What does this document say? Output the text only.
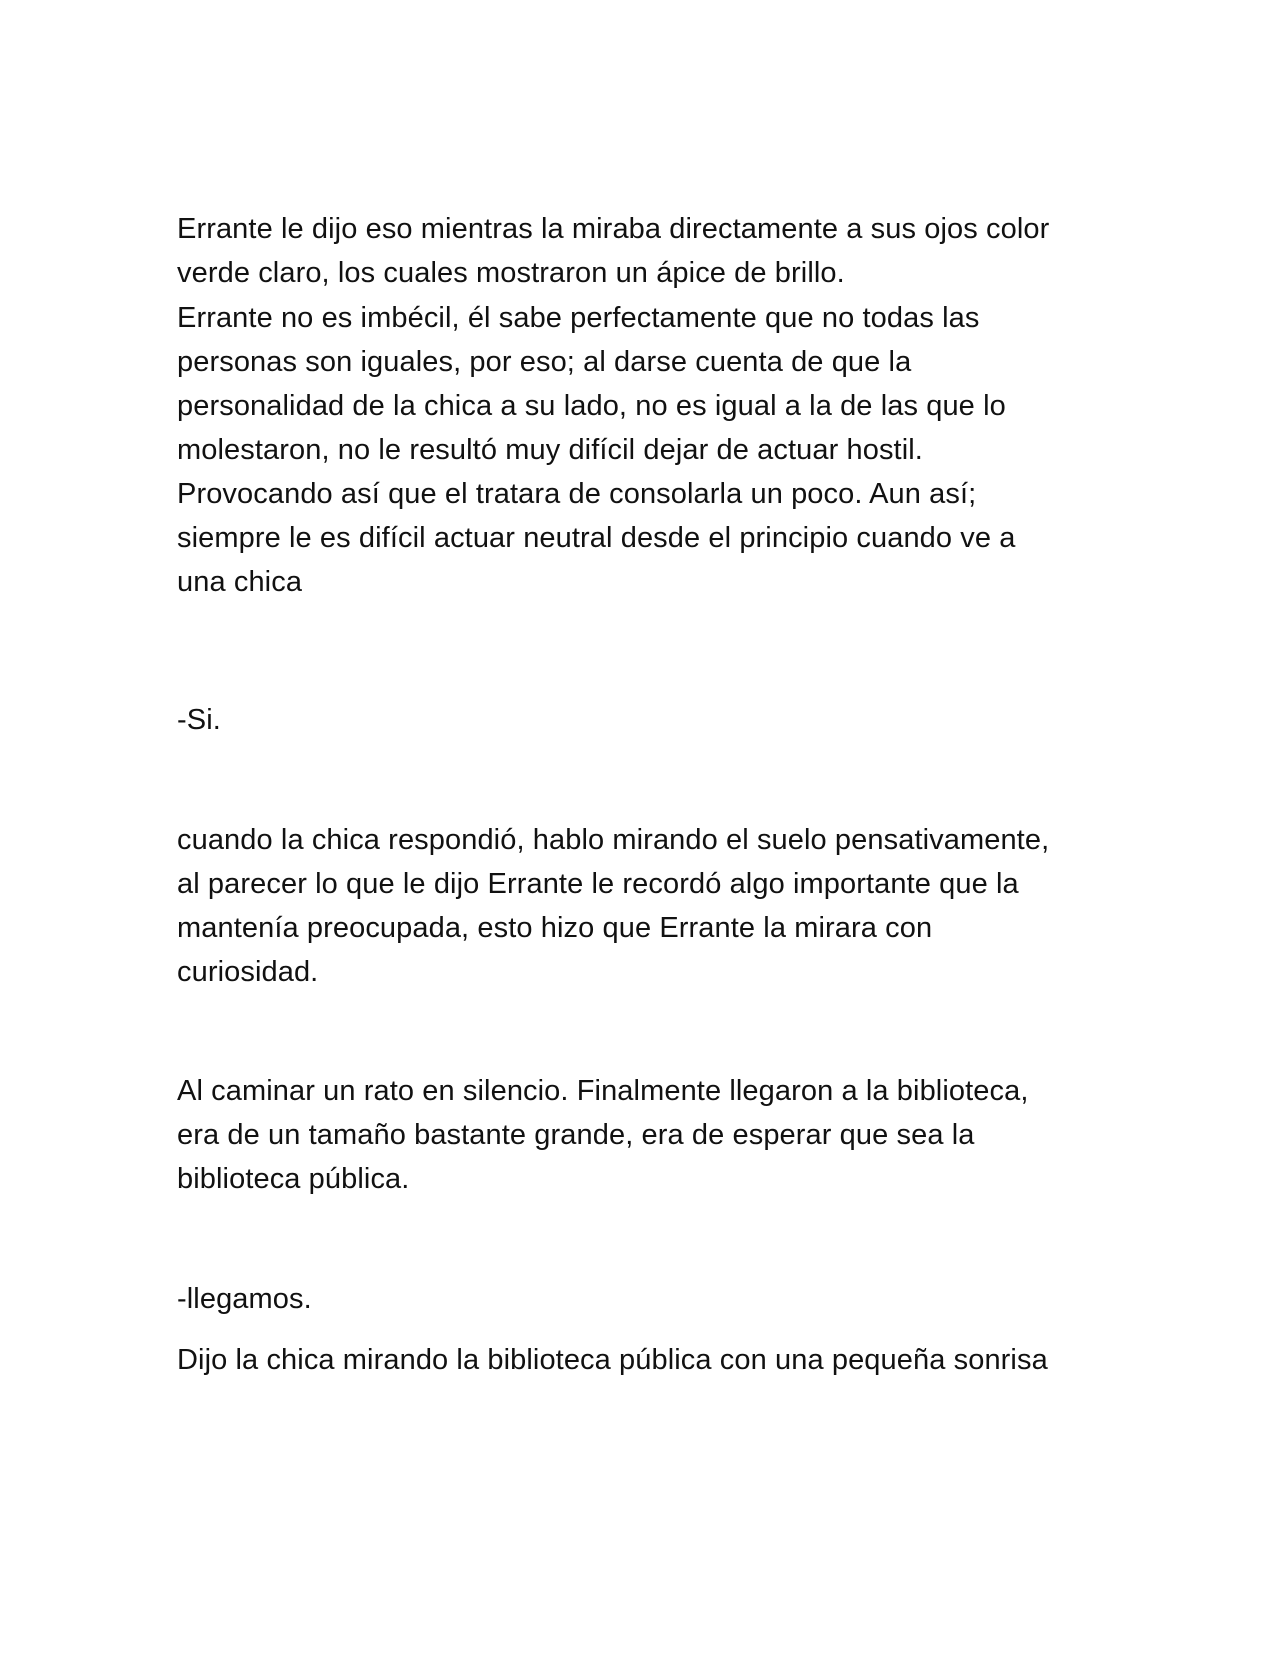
Errante le dijo eso mientras la miraba directamente a sus ojos color
verde claro, los cuales mostraron un ápice de brillo.
Errante no es imbécil, él sabe perfectamente que no todas las
personas son iguales, por eso; al darse cuenta de que la
personalidad de la chica a su lado, no es igual a la de las que lo
molestaron, no le resultó muy difícil dejar de actuar hostil.
Provocando así que el tratara de consolarla un poco. Aun así;
siempre le es difícil actuar neutral desde el principio cuando ve a
una chica
-Si.
cuando la chica respondió, hablo mirando el suelo pensativamente,
al parecer lo que le dijo Errante le recordó algo importante que la
mantenía preocupada, esto hizo que Errante la mirara con
curiosidad.
Al caminar un rato en silencio. Finalmente llegaron a la biblioteca,
era de un tamaño bastante grande, era de esperar que sea la
biblioteca pública.
-llegamos.
Dijo la chica mirando la biblioteca pública con una pequeña sonrisa
